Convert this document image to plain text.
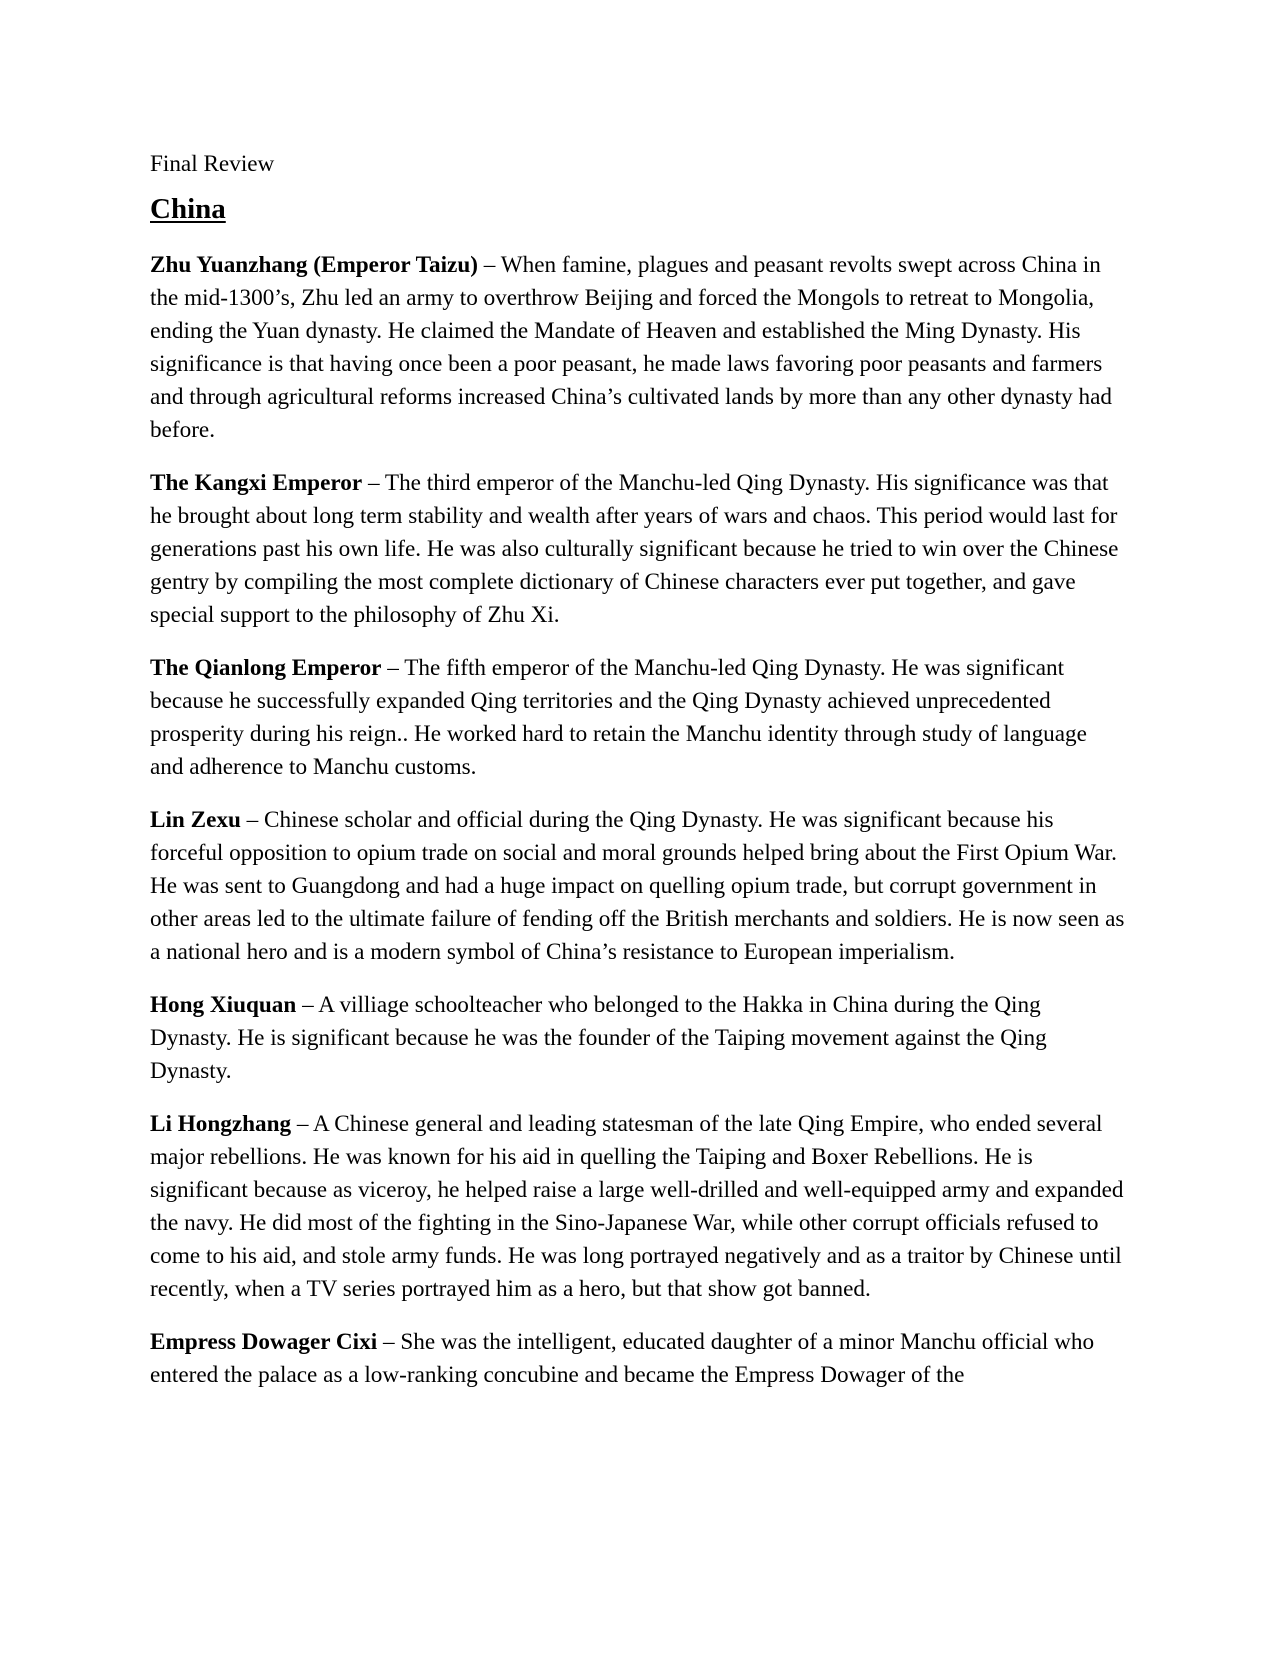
Final Review

China

Zhu Yuanzhang (Emperor Taizu) – When famine, plagues and peasant revolts swept across China in the mid-1300’s, Zhu led an army to overthrow Beijing and forced the Mongols to retreat to Mongolia, ending the Yuan dynasty. He claimed the Mandate of Heaven and established the Ming Dynasty. His significance is that having once been a poor peasant, he made laws favoring poor peasants and farmers and through agricultural reforms increased China’s cultivated lands by more than any other dynasty had before.

The Kangxi Emperor – The third emperor of the Manchu-led Qing Dynasty. His significance was that he brought about long term stability and wealth after years of wars and chaos. This period would last for generations past his own life. He was also culturally significant because he tried to win over the Chinese gentry by compiling the most complete dictionary of Chinese characters ever put together, and gave special support to the philosophy of Zhu Xi.

The Qianlong Emperor – The fifth emperor of the Manchu-led Qing Dynasty. He was significant because he successfully expanded Qing territories and the Qing Dynasty achieved unprecedented prosperity during his reign.. He worked hard to retain the Manchu identity through study of language and adherence to Manchu customs.

Lin Zexu – Chinese scholar and official during the Qing Dynasty. He was significant because his forceful opposition to opium trade on social and moral grounds helped bring about the First Opium War. He was sent to Guangdong and had a huge impact on quelling opium trade, but corrupt government in other areas led to the ultimate failure of fending off the British merchants and soldiers. He is now seen as a national hero and is a modern symbol of China’s resistance to European imperialism.

Hong Xiuquan – A villiage schoolteacher who belonged to the Hakka in China during the Qing Dynasty. He is significant because he was the founder of the Taiping movement against the Qing Dynasty.

Li Hongzhang – A Chinese general and leading statesman of the late Qing Empire, who ended several major rebellions. He was known for his aid in quelling the Taiping and Boxer Rebellions. He is significant because as viceroy, he helped raise a large well-drilled and well-equipped army and expanded the navy. He did most of the fighting in the Sino-Japanese War, while other corrupt officials refused to come to his aid, and stole army funds. He was long portrayed negatively and as a traitor by Chinese until recently, when a TV series portrayed him as a hero, but that show got banned.

Empress Dowager Cixi – She was the intelligent, educated daughter of a minor Manchu official who entered the palace as a low-ranking concubine and became the Empress Dowager of the
